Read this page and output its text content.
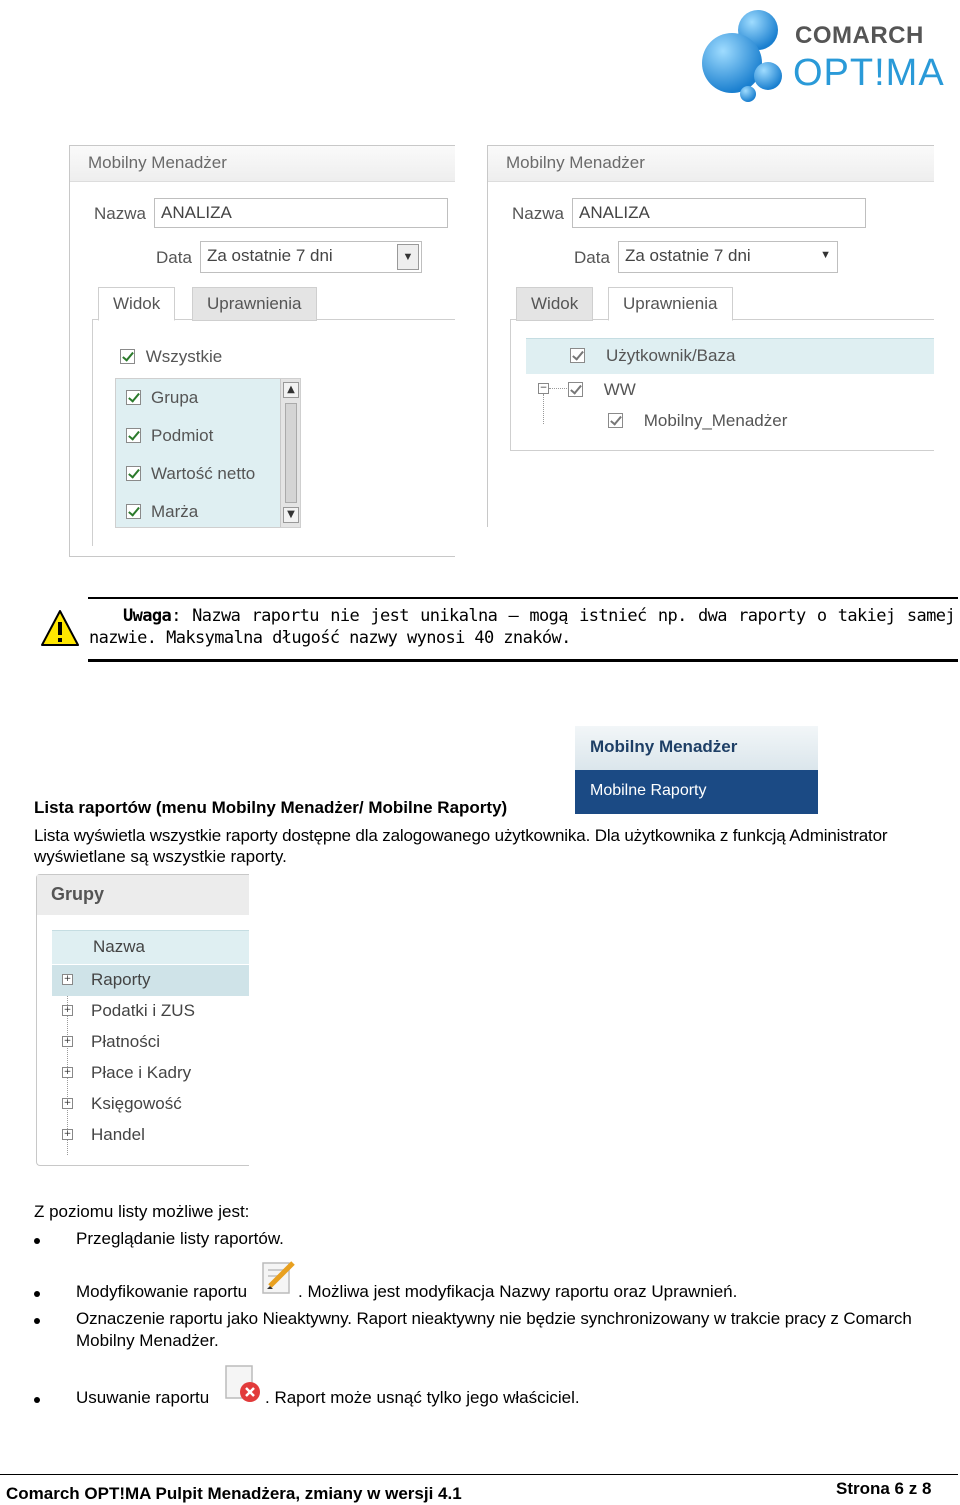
COMARCH
OPT!MA
Mobilny Menadżer
Nazwa ANALIZA
Data Za ostatnie 7 dni	▼
Widok	Uprawnienia
Wszystkie
Grupa
Podmiot
Wartość netto
Marża
▲
▼
Mobilny Menadżer
Nazwa ANALIZA
Data Za ostatnie 7 dni	▼
Widok	Uprawnienia
Użytkownik/Baza
−	WW
Mobilny_Menadżer
Uwaga: Nazwa raportu nie jest unikalna – mogą istnieć np. dwa raporty o takiej samej
nazwie. Maksymalna długość nazwy wynosi 40 znaków.
Mobilny Menadżer
Mobilne Raporty
Lista raportów (menu Mobilny Menadżer/ Mobilne Raporty)
Lista wyświetla wszystkie raporty dostępne dla zalogowanego użytkownika. Dla użytkownika z funkcją Administrator
wyświetlane są wszystkie raporty.
Grupy
Nazwa
+ Raporty
+ Podatki i ZUS
+ Płatności
+ Płace i Kadry
+ Księgowość
+ Handel
Z poziomu listy możliwe jest:
Przeglądanie listy raportów.
Modyfikowanie raportu	. Możliwa jest modyfikacja Nazwy raportu oraz Uprawnień.
Oznaczenie raportu jako Nieaktywny. Raport nieaktywny nie będzie synchronizowany w trakcie pracy z Comarch
Mobilny Menadżer.
Usuwanie raportu	. Raport może usnąć tylko jego właściciel.
Comarch OPT!MA Pulpit Menadżera, zmiany w wersji 4.1	Strona 6 z 8
